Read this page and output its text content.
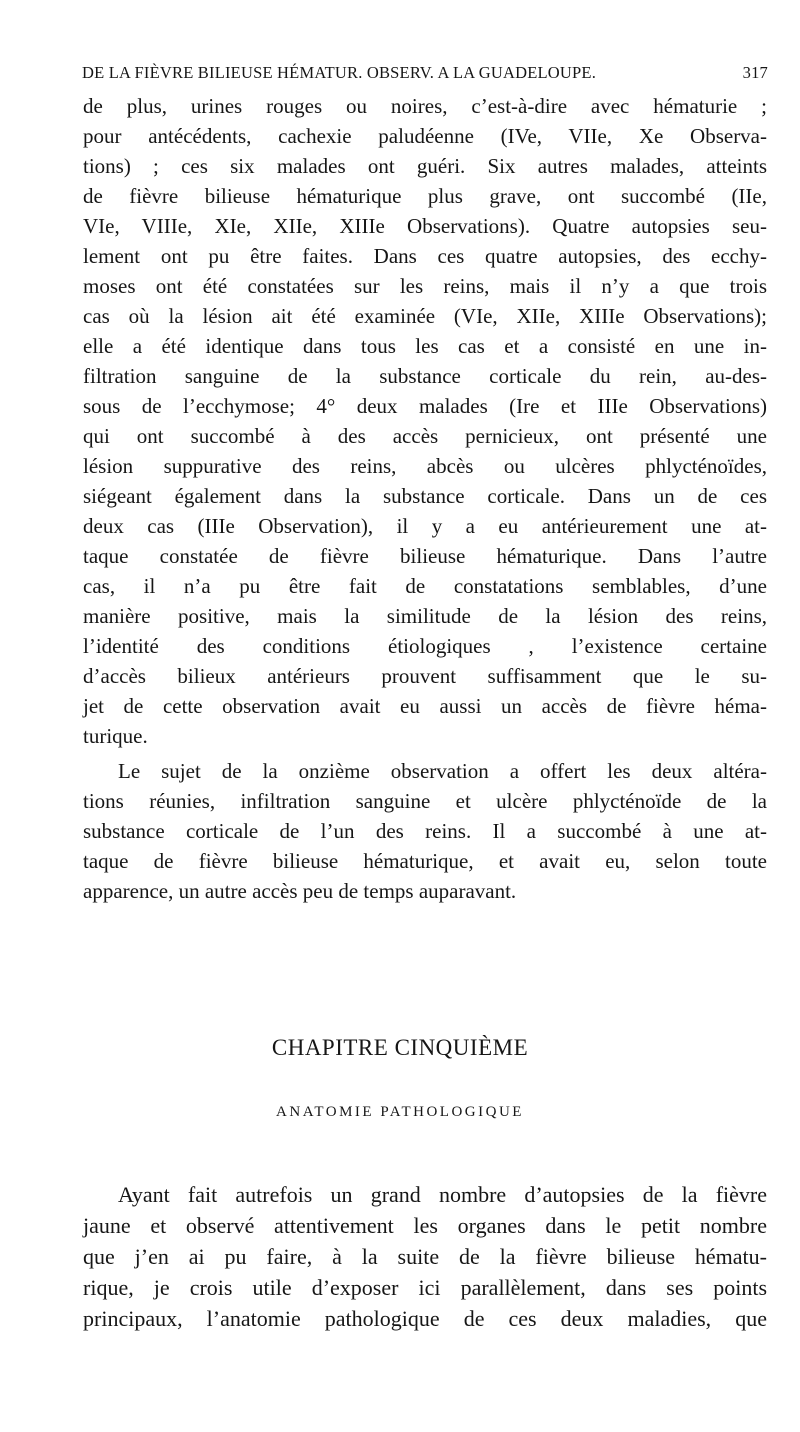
DE LA FIÈVRE BILIEUSE HÉMATUR. OBSERV. A LA GUADELOUPE.	317
de plus, urines rouges ou noires, c’est-à-dire avec hématurie ;
pour antécédents, cachexie paludéenne (IVe, VIIe, Xe Observa-
tions) ; ces six malades ont guéri. Six autres malades, atteints
de fièvre bilieuse hématurique plus grave, ont succombé (IIe,
VIe, VIIIe, XIe, XIIe, XIIIe Observations). Quatre autopsies seu-
lement ont pu être faites. Dans ces quatre autopsies, des ecchy-
moses ont été constatées sur les reins, mais il n’y a que trois
cas où la lésion ait été examinée (VIe, XIIe, XIIIe Observations);
elle a été identique dans tous les cas et a consisté en une in-
filtration sanguine de la substance corticale du rein, au-des-
sous de l’ecchymose; 4° deux malades (Ire et IIIe Observations)
qui ont succombé à des accès pernicieux, ont présenté une
lésion suppurative des reins, abcès ou ulcères phlycténoïdes,
siégeant également dans la substance corticale. Dans un de ces
deux cas (IIIe Observation), il y a eu antérieurement une at-
taque constatée de fièvre bilieuse hématurique. Dans l’autre
cas, il n’a pu être fait de constatations semblables, d’une
manière positive, mais la similitude de la lésion des reins,
l’identité des conditions étiologiques , l’existence certaine
d’accès bilieux antérieurs prouvent suffisamment que le su-
jet de cette observation avait eu aussi un accès de fièvre héma-
turique.
Le sujet de la onzième observation a offert les deux altéra-
tions réunies, infiltration sanguine et ulcère phlycténoïde de la
substance corticale de l’un des reins. Il a succombé à une at-
taque de fièvre bilieuse hématurique, et avait eu, selon toute
apparence, un autre accès peu de temps auparavant.
CHAPITRE CINQUIÈME
ANATOMIE PATHOLOGIQUE
Ayant fait autrefois un grand nombre d’autopsies de la fièvre
jaune et observé attentivement les organes dans le petit nombre
que j’en ai pu faire, à la suite de la fièvre bilieuse hématu-
rique, je crois utile d’exposer ici parallèlement, dans ses points
principaux, l’anatomie pathologique de ces deux maladies, que
